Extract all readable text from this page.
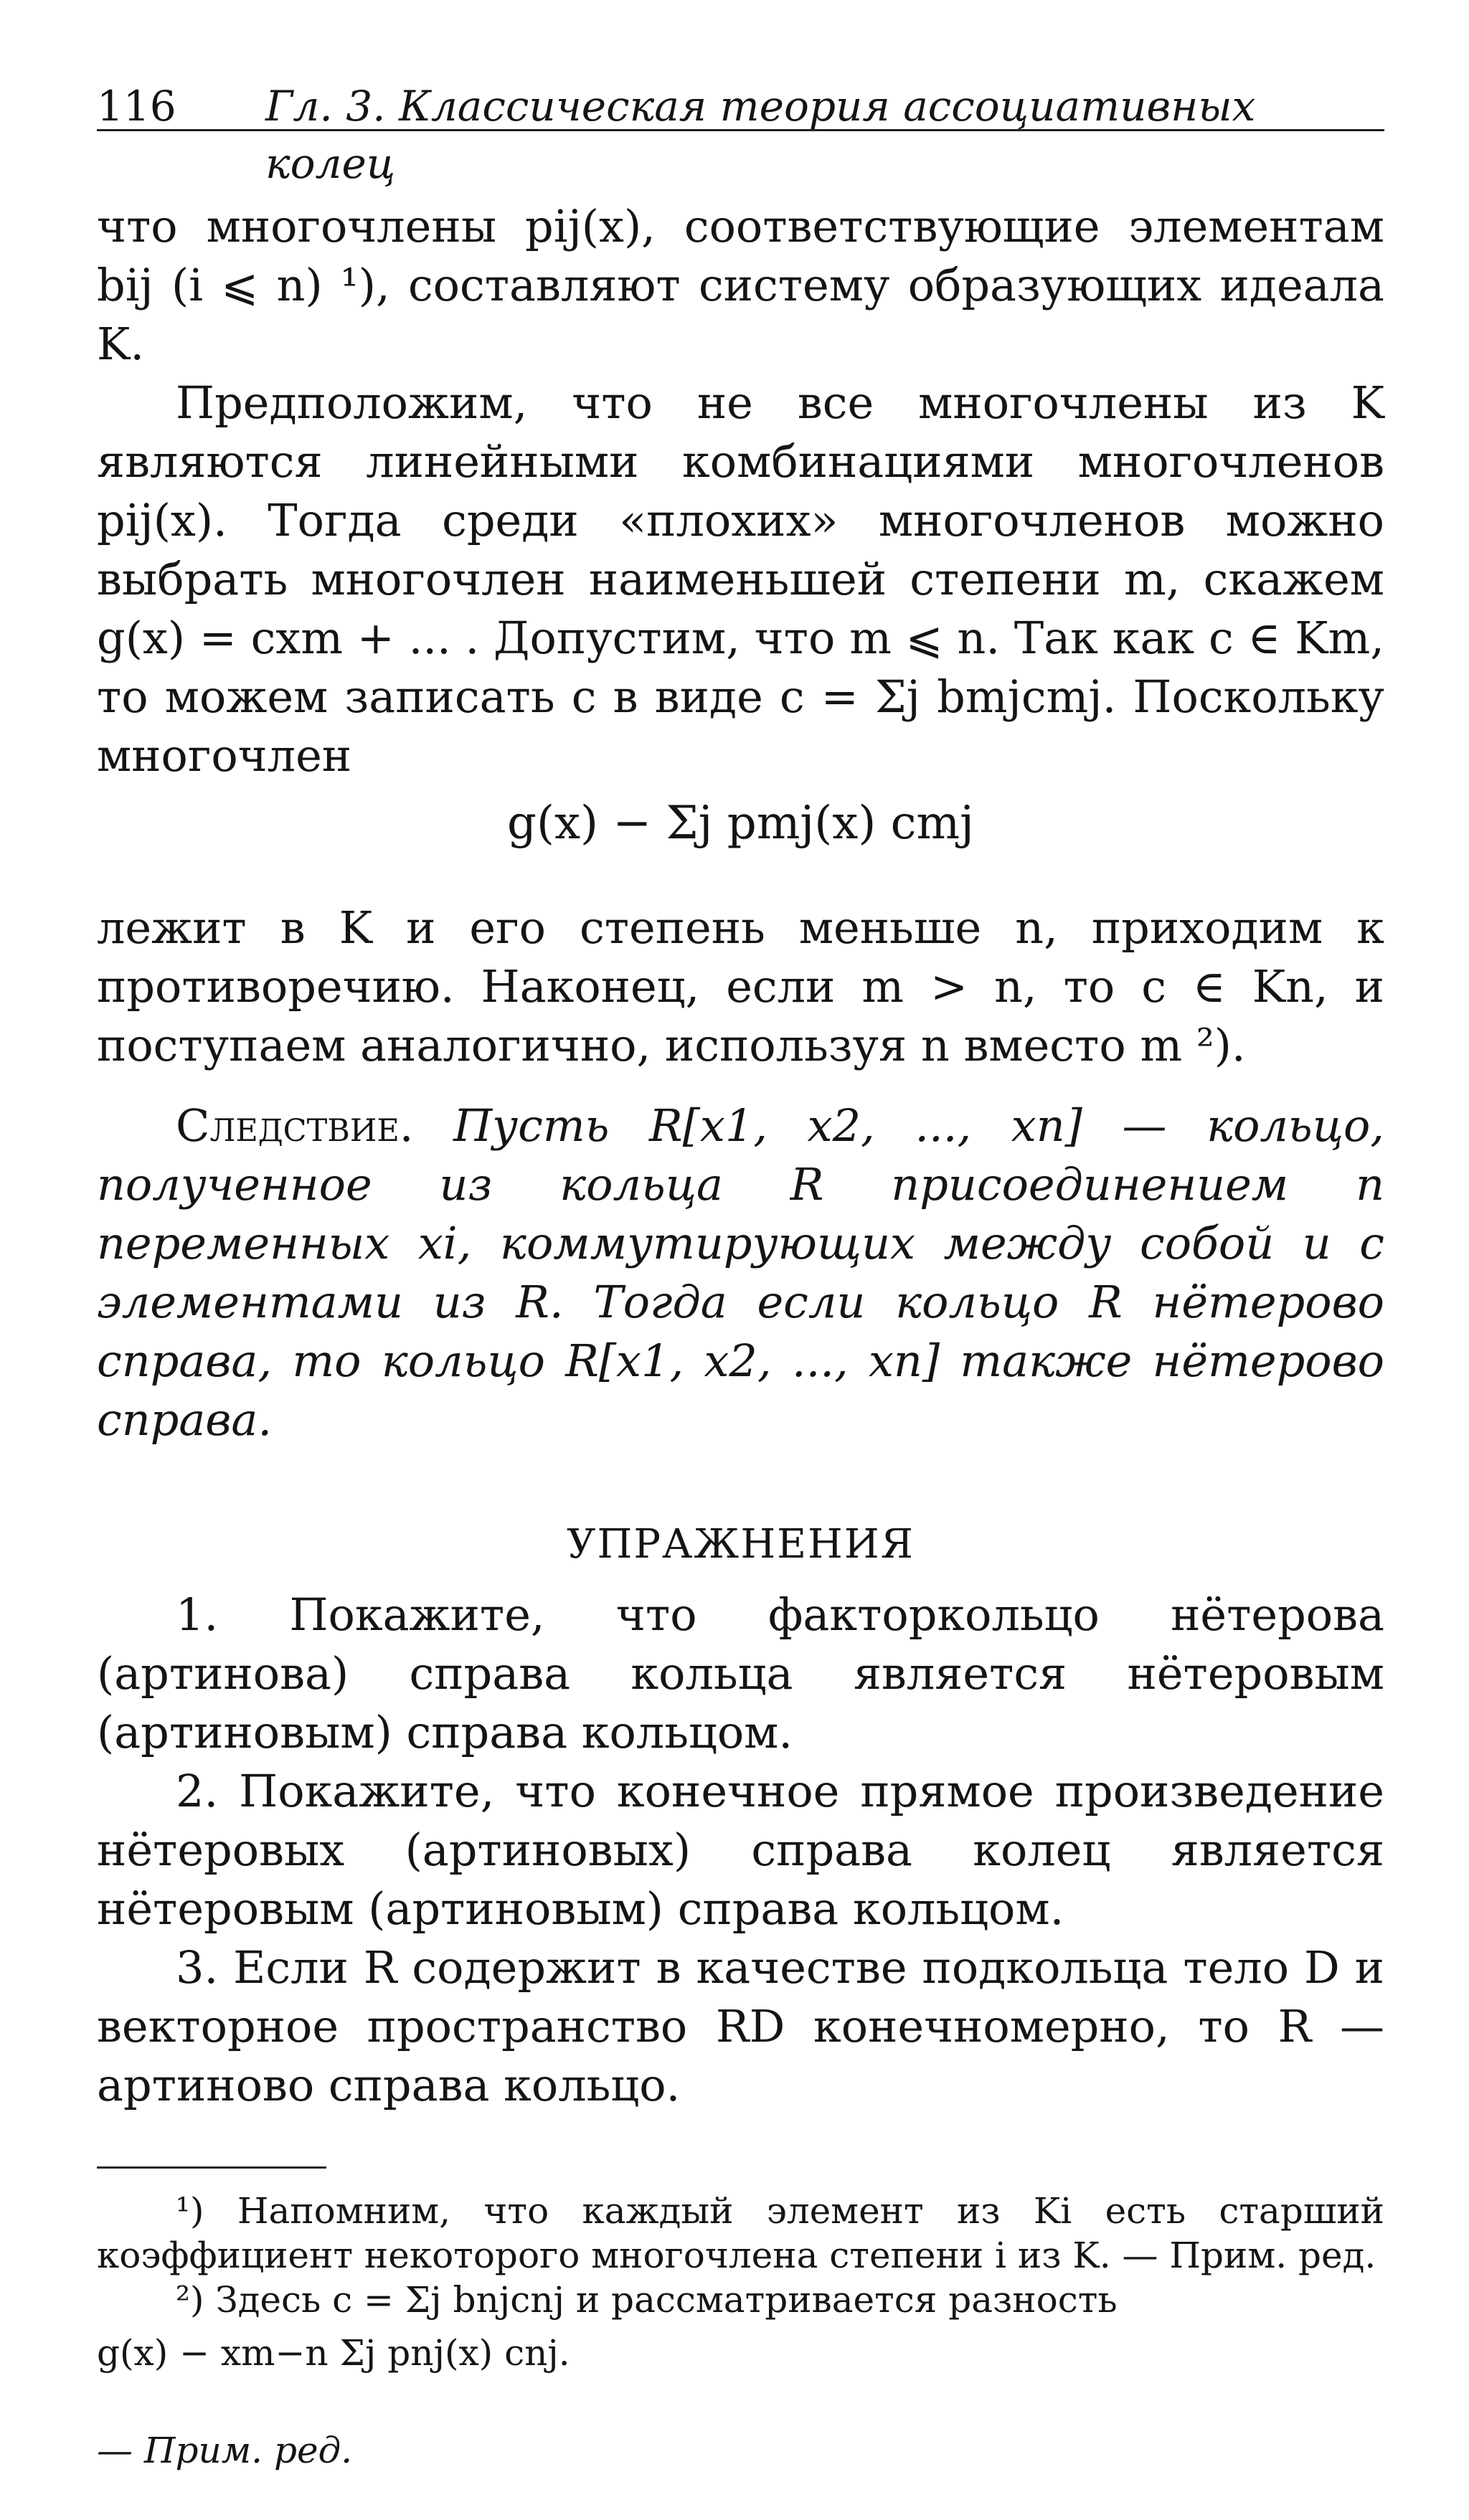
116 Гл. 3. Классическая теория ассоциативных колец

что многочлены pij(x), соответствующие элементам bij (i ⩽ n) ¹), составляют систему образующих идеала K.

Предположим, что не все многочлены из K являются линейными комбинациями многочленов pij(x). Тогда среди «плохих» многочленов можно выбрать многочлен наименьшей степени m, скажем g(x) = cxm + ... . Допустим, что m ⩽ n. Так как c ∈ Km, то можем записать c в виде c = Σj bmjcmj. Поскольку многочлен

g(x) − Σj pmj(x) cmj

лежит в K и его степень меньше n, приходим к противоречию. Наконец, если m > n, то c ∈ Kn, и поступаем аналогично, используя n вместо m ²).

Следствие. Пусть R[x1, x2, ..., xn] — кольцо, полученное из кольца R присоединением n переменных xi, коммутирующих между собой и с элементами из R. Тогда если кольцо R нётерово справа, то кольцо R[x1, x2, ..., xn] также нётерово справа.

УПРАЖНЕНИЯ

1. Покажите, что факторкольцо нётерова (артинова) справа кольца является нётеровым (артиновым) справа кольцом.

2. Покажите, что конечное прямое произведение нётеровых (артиновых) справа колец является нётеровым (артиновым) справа кольцом.

3. Если R содержит в качестве подкольца тело D и векторное пространство RD конечномерно, то R — артиново справа кольцо.

¹) Напомним, что каждый элемент из Ki есть старший коэффициент некоторого многочлена степени i из K. — Прим. ред.

²) Здесь c = Σj bnjcnj и рассматривается разность

g(x) − xm−n Σj pnj(x) cnj.
— Прим. ред.
